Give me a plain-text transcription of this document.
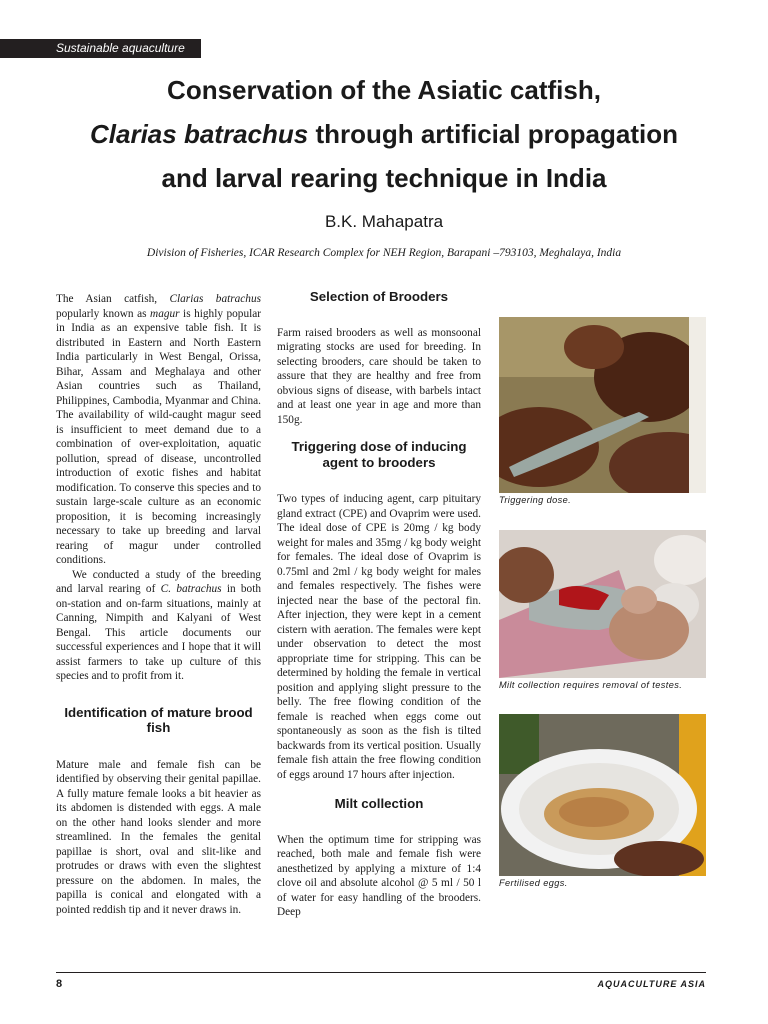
Sustainable aquaculture
Conservation of the Asiatic catfish,
Clarias batrachus through artificial propagation
and larval rearing technique in India
B.K. Mahapatra
Division of Fisheries, ICAR Research Complex for NEH Region, Barapani –793103, Meghalaya, India

The Asian catfish, Clarias batrachus popularly known as magur is highly popular in India as an expensive table fish. It is distributed in Eastern and North Eastern India particularly in West Bengal, Orissa, Bihar, Assam and Meghalaya and other Asian countries such as Thailand, Philippines, Cambodia, Myanmar and China. The availability of wild-caught magur seed is insufficient to meet demand due to a combination of over-exploitation, aquatic pollution, spread of disease, uncontrolled introduction of exotic fishes and habitat modification. To conserve this species and to sustain large-scale culture as an economic proposition, it is becoming increasingly necessary to take up breeding and larval rearing of magur under controlled conditions.

We conducted a study of the breeding and larval rearing of C. batrachus in both on-station and on-farm situations, mainly at Canning, Nimpith and Kalyani of West Bengal. This article documents our successful experiences and I hope that it will assist farmers to take up culture of this species and to profit from it.

Identification of mature brood fish

Mature male and female fish can be identified by observing their genital papillae. A fully mature female looks a bit heavier as its abdomen is distended with eggs. A male on the other hand looks slender and more streamlined. In the females the genital papillae is short, oval and slit-like and protrudes or draws with even the slightest pressure on the abdomen. In males, the papilla is conical and elongated with a pointed reddish tip and it never draws in.

Selection of Brooders

Farm raised brooders as well as monsoonal migrating stocks are used for breeding. In selecting brooders, care should be taken to assure that they are healthy and free from obvious signs of disease, with barbels intact and at least one year in age and more than 150g.

Triggering dose of inducing agent to brooders

Two types of inducing agent, carp pituitary gland extract (CPE) and Ovaprim were used. The ideal dose of CPE is 20mg / kg body weight for males and 35mg / kg body weight for females. The ideal dose of Ovaprim is 0.75ml and 2ml / kg body weight for males and females respectively. The fishes were injected near the base of the pectoral fin. After injection, they were kept in a cement cistern with aeration. The females were kept under observation to detect the most appropriate time for stripping. This can be determined by holding the female in vertical position and applying slight pressure to the belly. The free flowing condition of the female is reached when eggs come out spontaneously as soon as the fish is tilted backwards from its vertical position. Usually female fish attain the free flowing condition of eggs around 17 hours after injection.

Milt collection

When the optimum time for stripping was reached, both male and female fish were anesthetized by applying a mixture of 1:4 clove oil and absolute alcohol @ 5 ml / 50 l of water for easy handling of the brooders. Deep

Triggering dose.

Milt collection requires removal of testes.

Fertilised eggs.

8	AQUACULTURE ASIA
